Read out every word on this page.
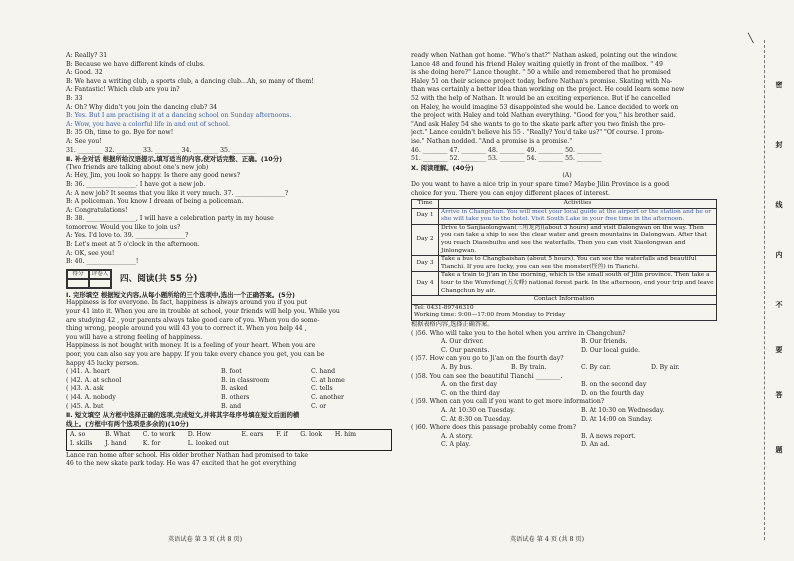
A: Really? 31
B: Because we have different kinds of clubs.
A: Good. 32
B: We have a writing club, a sports club, a dancing club…Ah, so many of them!
A: Fantastic! Which club are you in?
B: 33
A: Oh? Why didn't you join the dancing club? 34
B: Yes. But I am practising it at a dancing school on Sunday afternoons.
A: Wow, you have a colorful life in and out of school.
B: 35 Oh, time to go. Bye for now!
A: See you!
31. ________ 32. ________ 33. ________ 34. ________ 35. ________
Ⅱ. 补全对话 根据所给汉语提示,填写适当的内容,使对话完整、正确。(10分)
(Two friends are talking about one's new job)
A: Hey, Jim, you look so happy. Is there any good news?
B: 36. ________________. I have got a new job.
A: A new job? It seems that you like it very much. 37. ________________?
B: A policeman. You know I dream of being a policeman.
A: Congratulations!
B: 38. ________________, I will have a celebration party in my house
tomorrow. Would you like to join us?
A: Yes. I'd love to. 39. ________________?
B: Let's meet at 5 o'clock in the afternoon.
A: OK, see you!
B: 40. ________________!
得分	评卷人	四、阅读(共 55 分)
Ⅰ. 完形填空 根据短文内容,从每小题所给的三个选项中,选出一个正确答案。(5分)
Happiness is for everyone. In fact, happiness is always around you if you put
your 41 into it. When you are in trouble at school, your friends will help you. While you
are studying 42 , your parents always take good care of you. When you do some-
thing wrong, people around you will 43 you to correct it. When you help 44 ,
you will have a strong feeling of happiness.
Happiness is not bought with money. It is a feeling of your heart. When you are
poor, you can also say you are happy. If you take every chance you get, you can be
happy 45 lucky person.
( )41. A. heart	B. foot	C. hand
( )42. A. at school	B. in classroom	C. at home
( )43. A. ask	B. asked	C. tells
( )44. A. nobody	B. others	C. another
( )45. A. but	B. and	C. or
Ⅱ. 短文填空 从方框中选择正确的选项,完成短文,并将其字母序号填在短文后面的横
线上。(方框中有两个选项是多余的)(10分)
A. so	B. What	C. to work	D. How	E. ears	F. if	G. look	H. him
I. skills	J. hand	K. for	L. looked out
Lance ran home after school. His older brother Nathan had promised to take
46 to the new skate park today. He was 47 excited that he got everything
英语试卷 第 3 页 (共 8 页)
ready when Nathan got home. "Who's that?" Nathan asked, pointing out the window.
Lance 48 and found his friend Haley waiting quietly in front of the mailbox. " 49
is she doing here?" Lance thought. " 50 a while and remembered that he promised
Haley 51 on their science project today, before Nathan's promise. Skating with Na-
than was certainly a better idea than working on the project. He could learn some new
52 with the help of Nathan. It would be an exciting experience. But if he cancelled
on Haley, he would imagine 53 disappointed she would be. Lance decided to work on
the project with Haley and told Nathan everything. "Good for you," his brother said.
"And ask Haley 54 she wants to go to the skate park after you two finish the pro-
ject." Lance couldn't believe his 55 . "Really? You'd take us?" "Of course. I prom-
ise." Nathan nodded. "And a promise is a promise."
46. ________ 47. ________ 48. ________ 49. ________ 50. ________
51. ________ 52. ________ 53. ________ 54. ________ 55. ________
Ⅹ. 阅读理解。(40分)
(A)
Do you want to have a nice trip in your spare time? Maybe Jilin Province is a good
choice for you. There you can enjoy different places of interest.
Time	Activities
Day 1	Arrive in Changchun. You will meet your local guide at the airport or the station and he or she will take you to the hotel. Visit South Lake in your free time in the afternoon.
Day 2	Drive to Sanjiaolongwan(三角龙湾)(about 3 hours) and visit Dalongwan on the way. Then you can take a ship to see the clear water and green mountains in Dalongwan. After that you reach Diaoshuihu and see the waterfalls. Then you can visit Xiaolongwan and Jinlongwan.
Day 3	Take a bus to Changbaishan (about 5 hours). You can see the waterfalls and beautiful Tianchi. If you are lucky, you can see the monster(怪兽) in Tianchi.
Day 4	Take a train to Ji'an in the morning, which is the small south of Jilin province. Then take a tour to the Wunvfeng(五女峰) national forest park. In the afternoon, end your trip and leave Changchun by air.
Contact Information	

Tel: 0431-89746310
Working time: 9:00—17:00 from Monday to Friday	
根据表格内容,选择正确答案。
( )56. Who will take you to the hotel when you arrive in Changchun?
A. Our driver.	B. Our friends.
C. Our parents.	D. Our local guide.
( )57. How can you go to Ji'an on the fourth day?
A. By bus.	B. By train.	C. By car.	D. By air.
( )58. You can see the beautiful Tianchi ________.
A. on the first day	B. on the second day
C. on the third day	D. on the fourth day
( )59. When can you call if you want to get more information?
A. At 10:30 on Tuesday.	B. At 10:30 on Wednesday.
C. At 8:30 on Tuesday.	D. At 14:00 on Sunday.
( )60. Where does this passage probably come from?
A. A story.	B. A news report.
C. A play.	D. An ad.
英语试卷 第 4 页 (共 8 页)
╲
密
封
线
内
不
要
答
题
